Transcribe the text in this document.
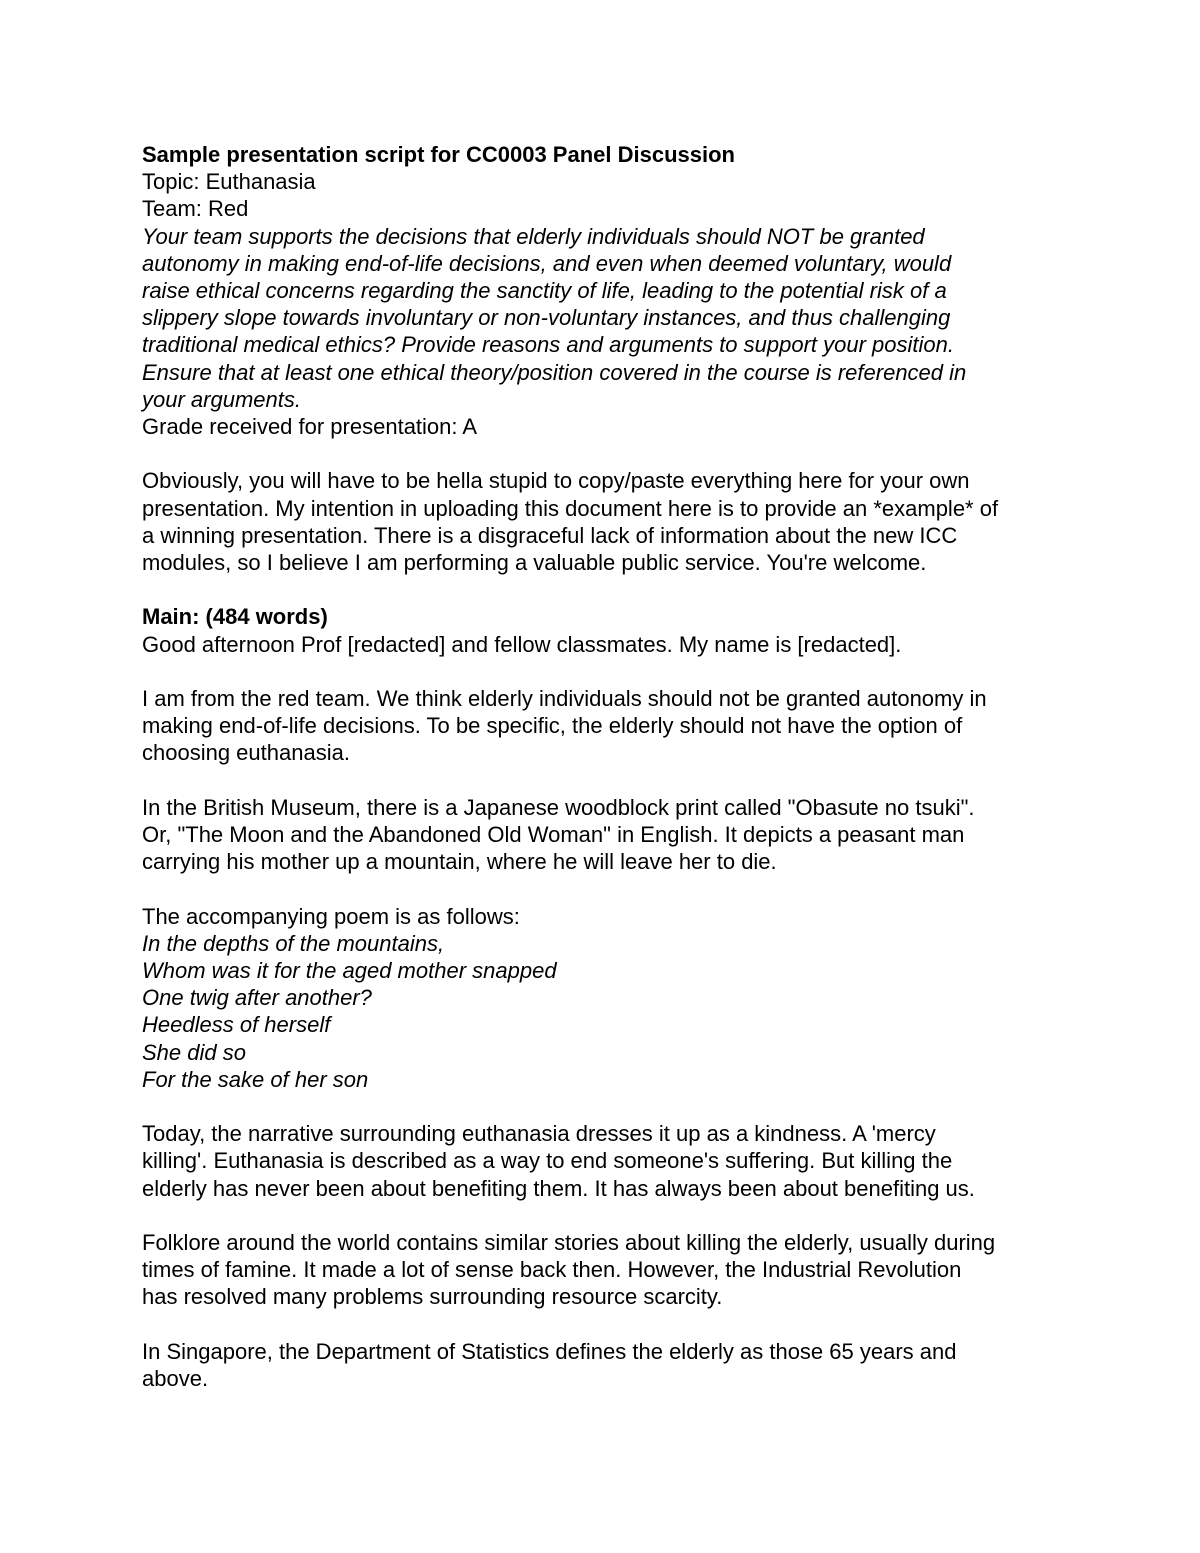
Sample presentation script for CC0003 Panel Discussion
Topic: Euthanasia
Team: Red
Your team supports the decisions that elderly individuals should NOT be granted
autonomy in making end-of-life decisions, and even when deemed voluntary, would
raise ethical concerns regarding the sanctity of life, leading to the potential risk of a
slippery slope towards involuntary or non-voluntary instances, and thus challenging
traditional medical ethics? Provide reasons and arguments to support your position.
Ensure that at least one ethical theory/position covered in the course is referenced in
your arguments.
Grade received for presentation: A
Obviously, you will have to be hella stupid to copy/paste everything here for your own
presentation. My intention in uploading this document here is to provide an *example* of
a winning presentation. There is a disgraceful lack of information about the new ICC
modules, so I believe I am performing a valuable public service. You're welcome.
Main: (484 words)
Good afternoon Prof [redacted] and fellow classmates. My name is [redacted].
I am from the red team. We think elderly individuals should not be granted autonomy in
making end-of-life decisions. To be specific, the elderly should not have the option of
choosing euthanasia.
In the British Museum, there is a Japanese woodblock print called "Obasute no tsuki".
Or, "The Moon and the Abandoned Old Woman" in English. It depicts a peasant man
carrying his mother up a mountain, where he will leave her to die.
The accompanying poem is as follows:
In the depths of the mountains,
Whom was it for the aged mother snapped
One twig after another?
Heedless of herself
She did so
For the sake of her son
Today, the narrative surrounding euthanasia dresses it up as a kindness. A 'mercy
killing'. Euthanasia is described as a way to end someone's suffering. But killing the
elderly has never been about benefiting them. It has always been about benefiting us.
Folklore around the world contains similar stories about killing the elderly, usually during
times of famine. It made a lot of sense back then. However, the Industrial Revolution
has resolved many problems surrounding resource scarcity.
In Singapore, the Department of Statistics defines the elderly as those 65 years and
above.
